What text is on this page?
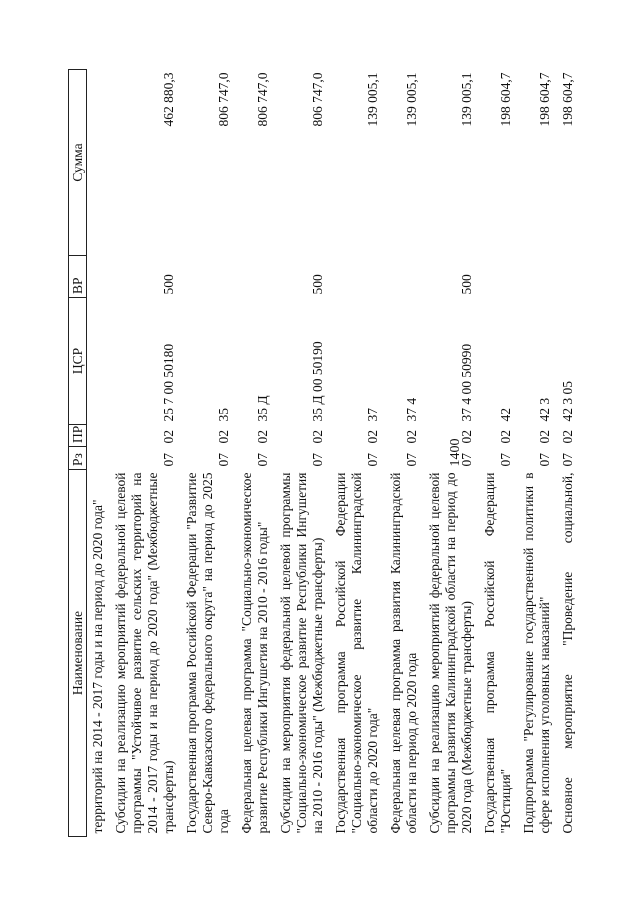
1400
Наименование	Рз	ПР	ЦСР	ВР	Сумма
территорий на 2014 - 2017 годы и на период до 2020 года"					
Субсидии на реализацию мероприятий федеральной целевой программы "Устойчивое развитие сельских территорий на 2014 - 2017 годы и на период до 2020 года" (Межбюджетные трансферты)	07	02	25 7 00 50180	500	462 880,3
Государственная программа Российской Федерации "Развитие Северо-Кавказского федерального округа" на период до 2025 года	07	02	35		806 747,0
Федеральная целевая программа "Социально-экономическое развитие Республики Ингушетия на 2010 - 2016 годы"	07	02	35 Д		806 747,0
Субсидии на мероприятия федеральной целевой программы "Социально-экономическое развитие Республики Ингушетия на 2010 - 2016 годы" (Межбюджетные трансферты)	07	02	35 Д 00 50190	500	806 747,0
Государственная программа Российской Федерации "Социально-экономическое развитие Калининградской области до 2020 года"	07	02	37		139 005,1
Федеральная целевая программа развития Калининградской области на период до 2020 года	07	02	37 4		139 005,1
Субсидии на реализацию мероприятий федеральной целевой программы развития Калининградской области на период до 2020 года (Межбюджетные трансферты)	07	02	37 4 00 50990	500	139 005,1
Государственная программа Российской Федерации "Юстиция"	07	02	42		198 604,7
Подпрограмма "Регулирование государственной политики в сфере исполнения уголовных наказаний"	07	02	42 3		198 604,7
Основное мероприятие "Проведение социальной,	07	02	42 3 05		198 604,7
